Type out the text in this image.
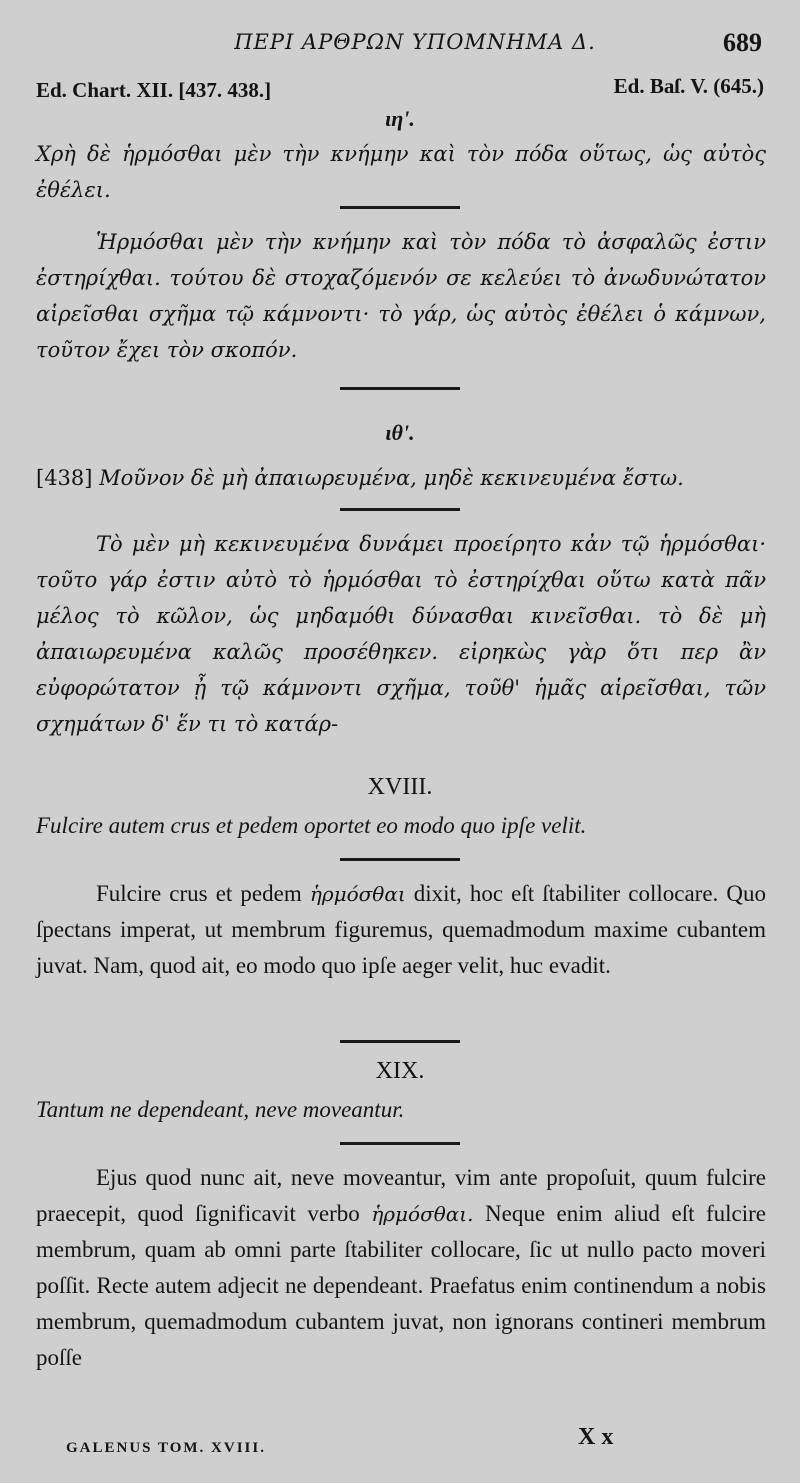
ΠΕΡΙ ΑΡΘΡΩΝ ΥΠΟΜΝΗΜΑ Δ.	689
Ed. Chart. XII. [437. 438.]	Ed. Baſ. V. (645.)
ιη'.
Χρὴ δὲ ἡρμόσθαι μὲν τὴν κνήμην καὶ τὸν πόδα οὕτως, ὡς αὐτὸς ἐθέλει.
Ἡρμόσθαι μὲν τὴν κνήμην καὶ τὸν πόδα τὸ ἀσφαλῶς ἐστιν ἐστηρίχθαι. τούτου δὲ στοχαζόμενόν σε κελεύει τὸ ἀνωδυνώτατον αἱρεῖσθαι σχῆμα τῷ κάμνοντι· τὸ γάρ, ὡς αὐτὸς ἐθέλει ὁ κάμνων, τοῦτον ἔχει τὸν σκοπόν.
ιθ'.
[438] Μοῦνον δὲ μὴ ἀπαιωρευμένα, μηδὲ κεκινευμένα ἔστω.
Τὸ μὲν μὴ κεκινευμένα δυνάμει προείρητο κἀν τῷ ἡρμόσθαι· τοῦτο γάρ ἐστιν αὐτὸ τὸ ἡρμόσθαι τὸ ἐστηρίχθαι οὕτω κατὰ πᾶν μέλος τὸ κῶλον, ὡς μηδαμόθι δύνασθαι κινεῖσθαι. τὸ δὲ μὴ ἀπαιωρευμένα καλῶς προσέθηκεν. εἰρηκὼς γὰρ ὅτι περ ἂν εὐφορώτατον ᾖ τῷ κάμνοντι σχῆμα, τοῦθ' ἡμᾶς αἱρεῖσθαι, τῶν σχημάτων δ' ἕν τι τὸ κατάρ-
XVIII.
Fulcire autem crus et pedem oportet eo modo quo ipſe velit.
Fulcire crus et pedem ἡρμόσθαι dixit, hoc eſt ſtabiliter collocare. Quo ſpectans imperat, ut membrum figuremus, quemadmodum maxime cubantem juvat. Nam, quod ait, eo modo quo ipſe aeger velit, huc evadit.
XIX.
Tantum ne dependeant, neve moveantur.
Ejus quod nunc ait, neve moveantur, vim ante propoſuit, quum fulcire praecepit, quod ſignificavit verbo ἡρμόσθαι. Neque enim aliud eſt fulcire membrum, quam ab omni parte ſtabiliter collocare, ſic ut nullo pacto moveri poſſit. Recte autem adjecit ne dependeant. Praefatus enim continendum a nobis membrum, quemadmodum cubantem juvat, non ignorans contineri membrum poſſe
GALENUS TOM. XVIII.	X x
